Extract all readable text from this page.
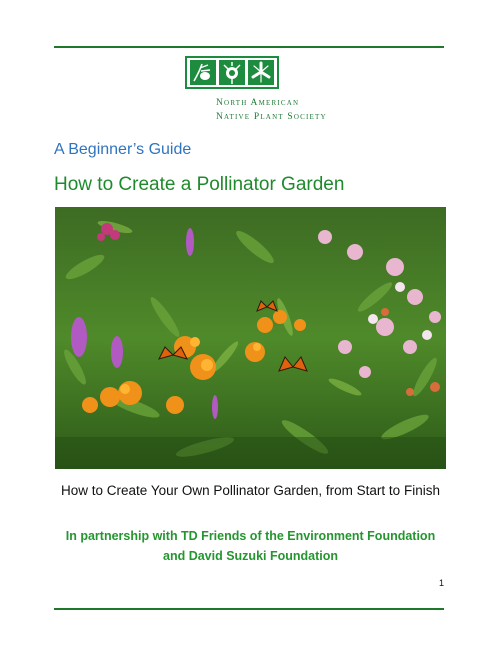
North American
Native Plant Society
A Beginner’s Guide
How to Create a Pollinator Garden
How to Create Your Own Pollinator Garden, from Start to Finish
In partnership with TD Friends of the Environment Foundation
and David Suzuki Foundation
1
